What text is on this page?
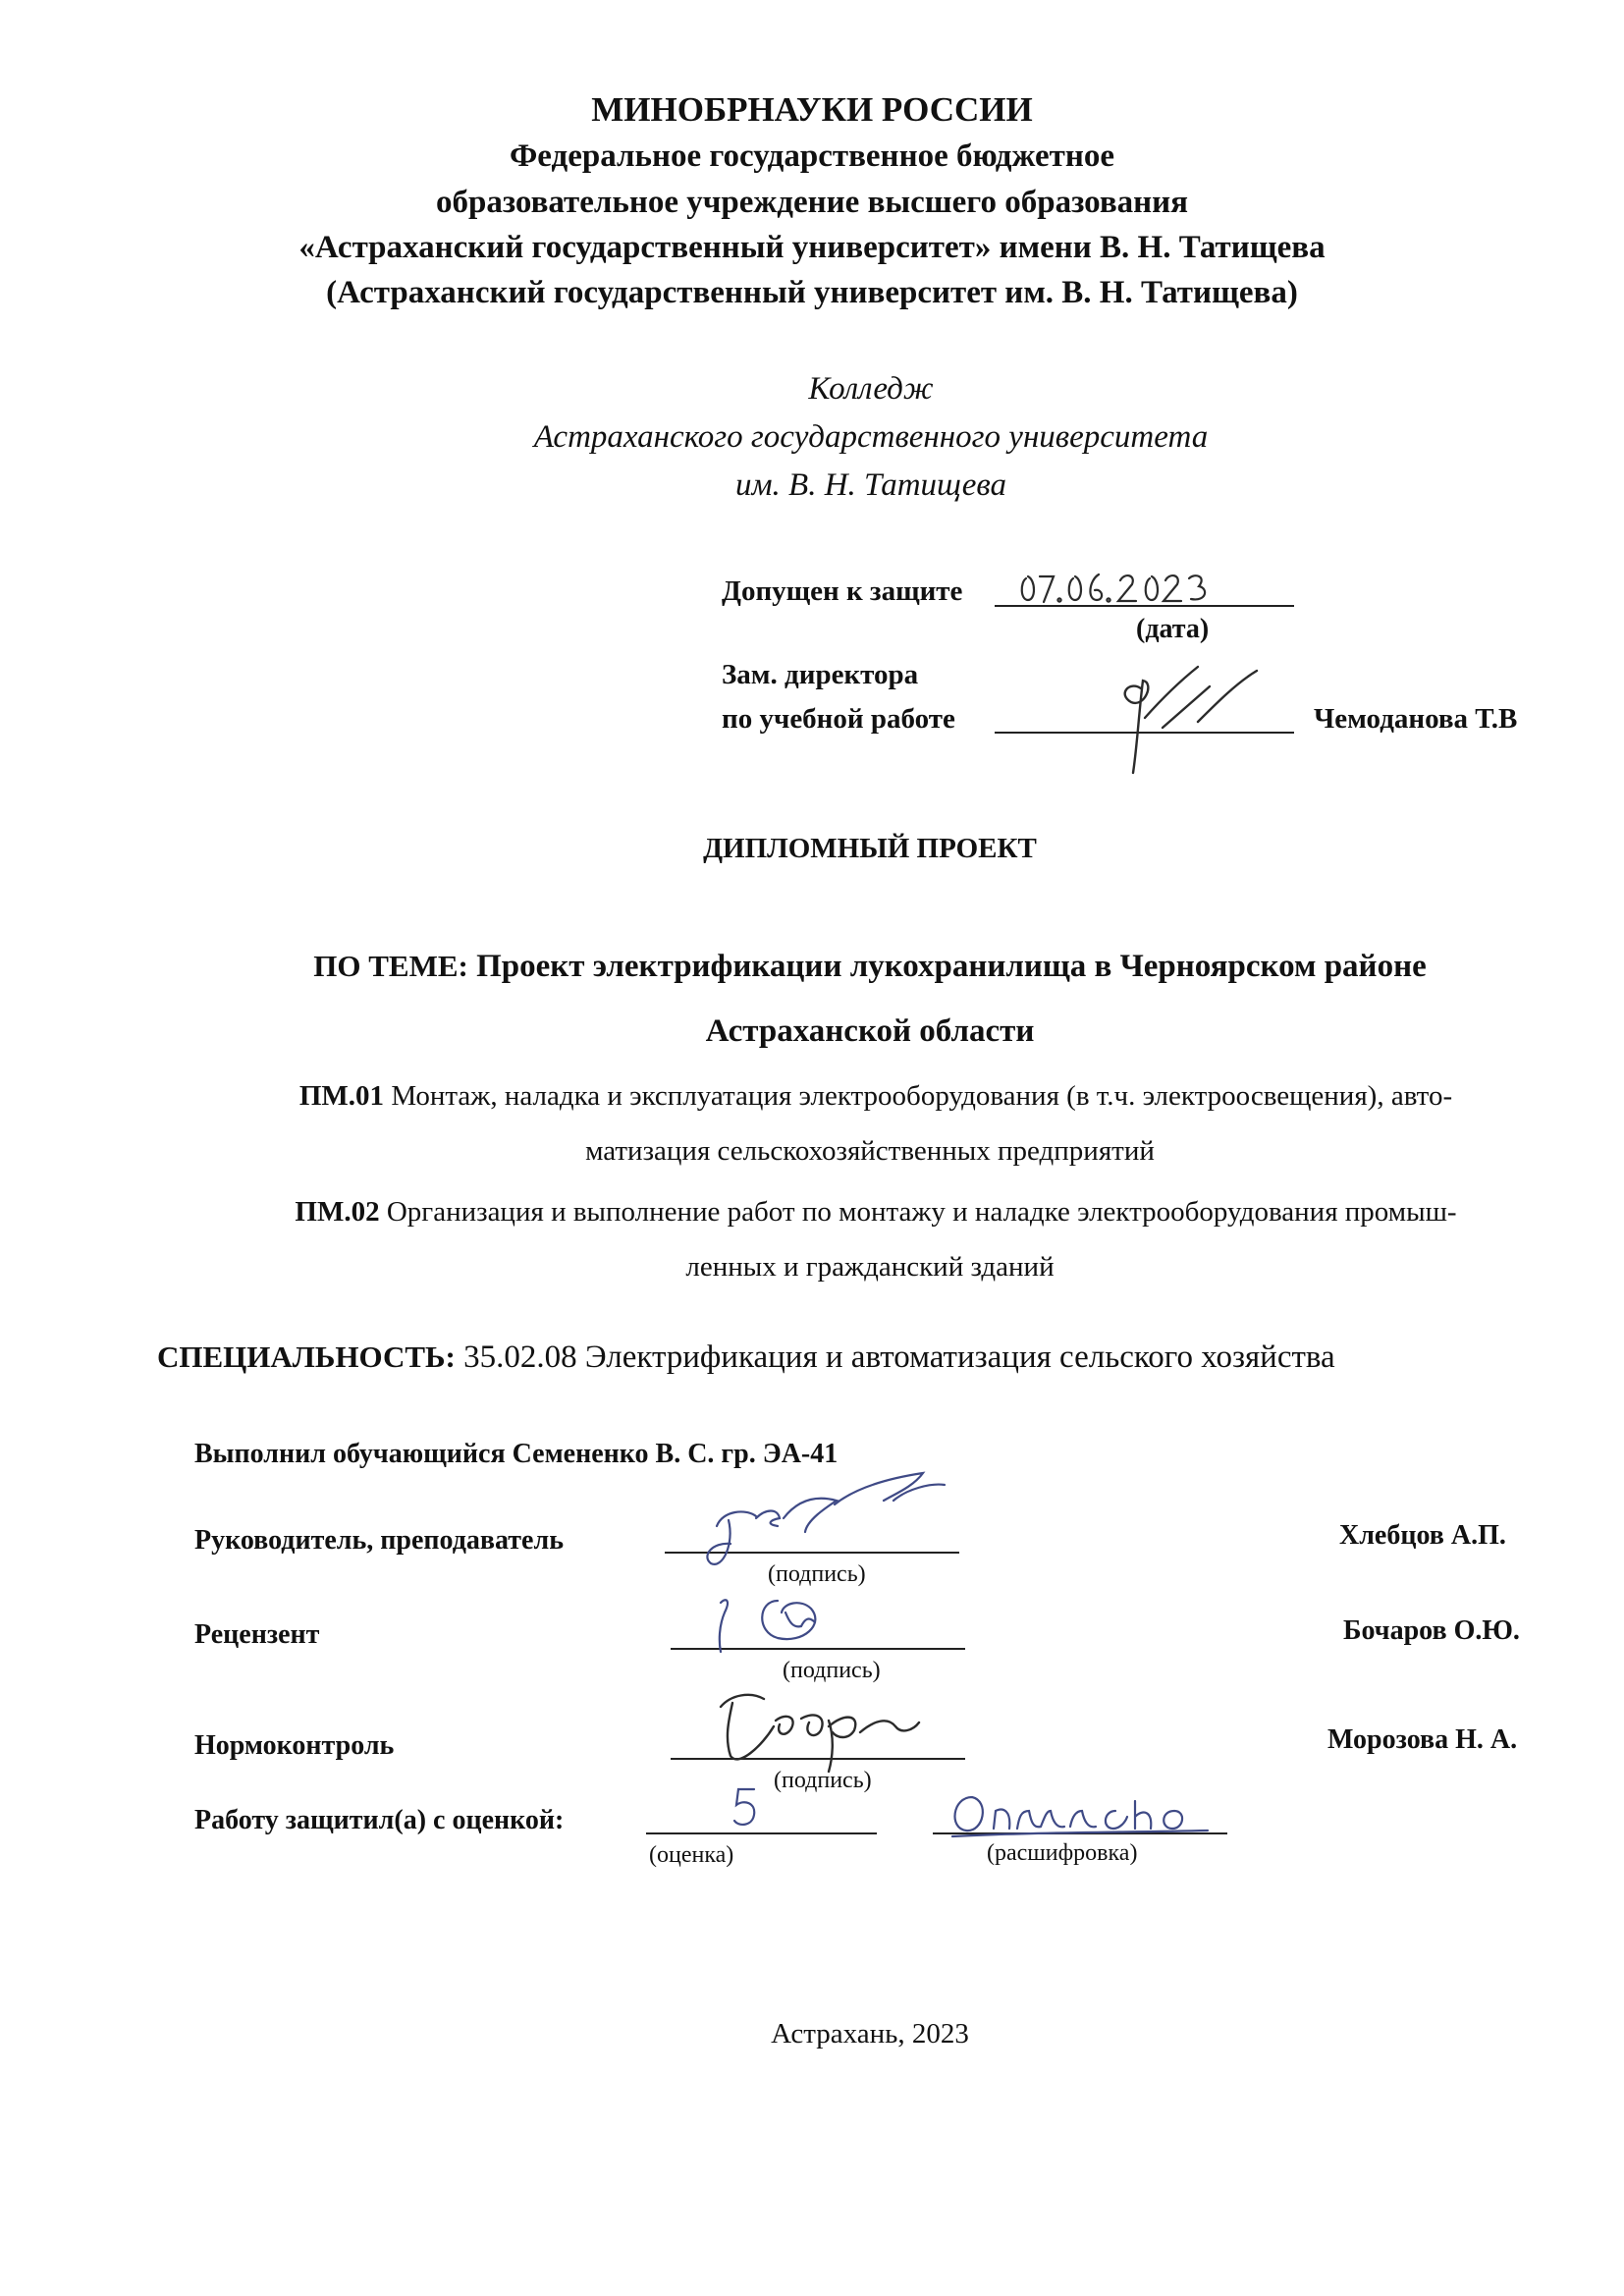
МИНОБРНАУКИ РОССИИ
Федеральное государственное бюджетное
образовательное учреждение высшего образования
«Астраханский государственный университет» имени В. Н. Татищева
(Астраханский государственный университет им. В. Н. Татищева)
Колледж
Астраханского государственного университета
им. В. Н. Татищева
Допущен к защите
(дата)
Зам. директора
по учебной работе	Чемоданова Т.В
ДИПЛОМНЫЙ ПРОЕКТ
ПО ТЕМЕ: Проект электрификации лукохранилища в Черноярском районе
Астраханской области
ПМ.01 Монтаж, наладка и эксплуатация электрооборудования (в т.ч. электроосвещения), авто-
матизация сельскохозяйственных предприятий
ПМ.02 Организация и выполнение работ по монтажу и наладке электрооборудования промыш-
ленных и гражданский зданий
СПЕЦИАЛЬНОСТЬ: 35.02.08 Электрификация и автоматизация сельского хозяйства
Выполнил обучающийся Семененко В. С. гр. ЭА-41
Руководитель, преподаватель
(подпись)
Хлебцов А.П.
Рецензент
(подпись)
Бочаров О.Ю.
Нормоконтроль
(подпись)
Морозова Н. А.
Работу защитил(а) с оценкой:
(оценка)	(расшифровка)
Астрахань, 2023
